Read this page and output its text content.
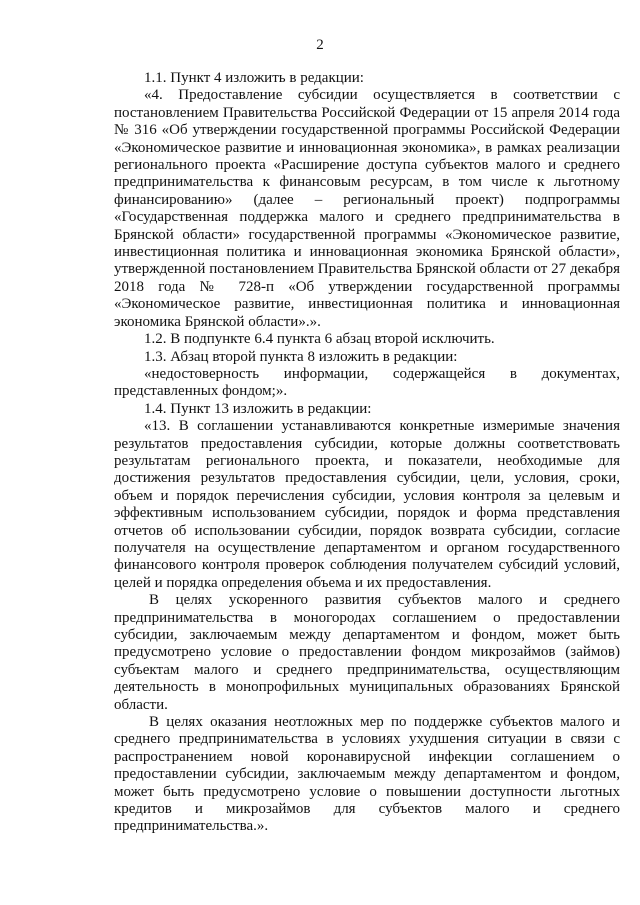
2

1.1. Пункт 4 изложить в редакции:

«4. Предоставление субсидии осуществляется в соответствии с постановлением Правительства Российской Федерации от 15 апреля 2014 года № 316 «Об утверждении государственной программы Российской Федерации «Экономическое развитие и инновационная экономика», в рамках реализации регионального проекта «Расширение доступа субъектов малого и среднего предпринимательства к финансовым ресурсам, в том числе к льготному финансированию» (далее – региональный проект) подпрограммы «Государственная поддержка малого и среднего предпринимательства в Брянской области» государственной программы «Экономическое развитие, инвестиционная политика и инновационная экономика Брянской области», утвержденной постановлением Правительства Брянской области от 27 декабря 2018 года № 728-п «Об утверждении государственной программы «Экономическое развитие, инвестиционная политика и инновационная экономика Брянской области».».

1.2. В подпункте 6.4 пункта 6 абзац второй исключить.

1.3. Абзац второй пункта 8 изложить в редакции:

«недостоверность информации, содержащейся в документах, представленных фондом;».

1.4. Пункт 13 изложить в редакции:

«13. В соглашении устанавливаются конкретные измеримые значения результатов предоставления субсидии, которые должны соответствовать результатам регионального проекта, и показатели, необходимые для достижения результатов предоставления субсидии, цели, условия, сроки, объем и порядок перечисления субсидии, условия контроля за целевым и эффективным использованием субсидии, порядок и форма представления отчетов об использовании субсидии, порядок возврата субсидии, согласие получателя на осуществление департаментом и органом государственного финансового контроля проверок соблюдения получателем субсидий условий, целей и порядка определения объема и их предоставления.

В целях ускоренного развития субъектов малого и среднего предпринимательства в моногородах соглашением о предоставлении субсидии, заключаемым между департаментом и фондом, может быть предусмотрено условие о предоставлении фондом микрозаймов (займов) субъектам малого и среднего предпринимательства, осуществляющим деятельность в монопрофильных муниципальных образованиях Брянской области.

В целях оказания неотложных мер по поддержке субъектов малого и среднего предпринимательства в условиях ухудшения ситуации в связи с распространением новой коронавирусной инфекции соглашением о предоставлении субсидии, заключаемым между департаментом и фондом, может быть предусмотрено условие о повышении доступности льготных кредитов и микрозаймов для субъектов малого и среднего предпринимательства.».
